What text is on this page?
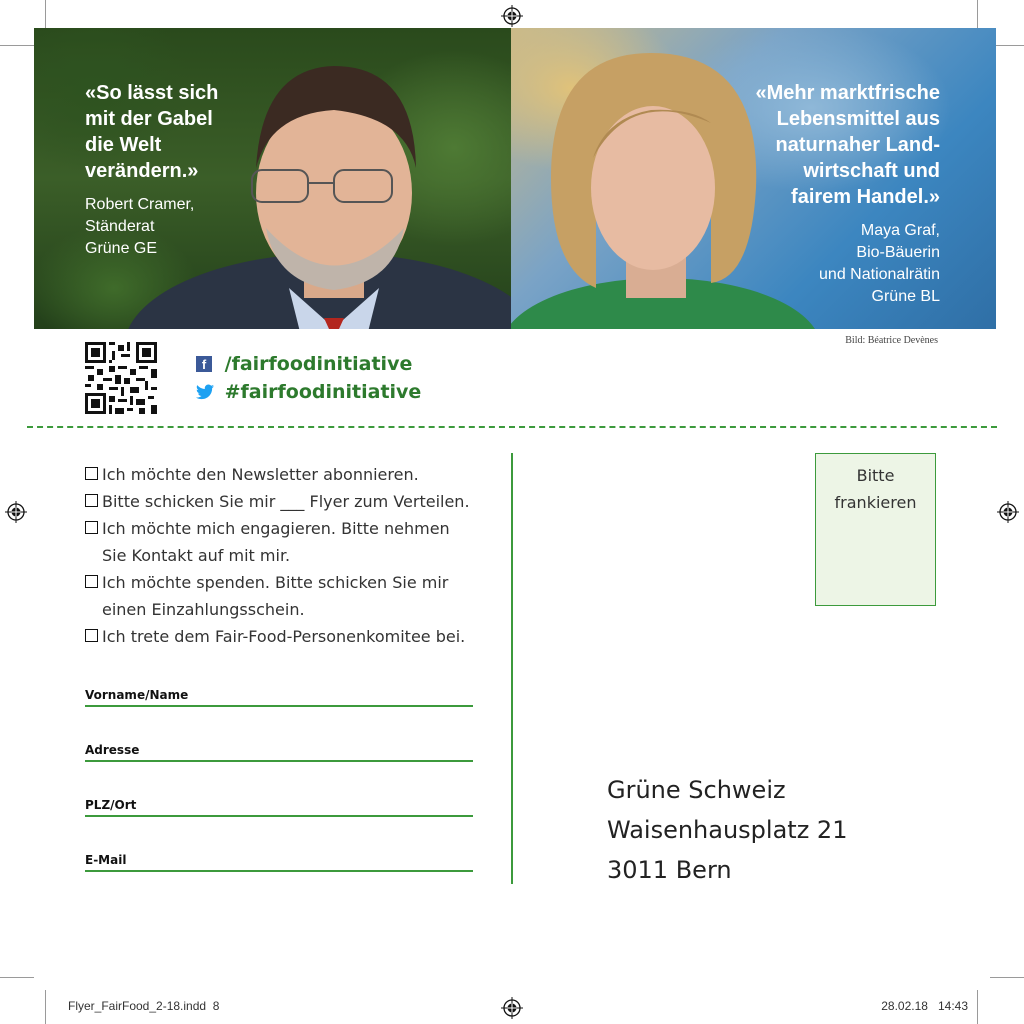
«So lässt sich
mit der Gabel
die Welt
verändern.»
Robert Cramer,
Ständerat
Grüne GE
«Mehr marktfrische
Lebensmittel aus
naturnaher Land-
wirtschaft und
fairem Handel.»
Maya Graf,
Bio-Bäuerin
und Nationalrätin
Grüne BL
Bild: Béatrice Devènes
f /fairfoodinitiative
#fairfoodinitiative
Ich möchte den Newsletter abonnieren.
Bitte schicken Sie mir ___ Flyer zum Verteilen.
Ich möchte mich engagieren. Bitte nehmen
Sie Kontakt auf mit mir.
Ich möchte spenden. Bitte schicken Sie mir
einen Einzahlungsschein.
Ich trete dem Fair-Food-Personenkomitee bei.
Vorname/Name
Adresse
PLZ/Ort
E-Mail
Bitte
frankieren
Grüne Schweiz
Waisenhausplatz 21
3011 Bern
Flyer_FairFood_2-18.indd 8	28.02.18 14:43
